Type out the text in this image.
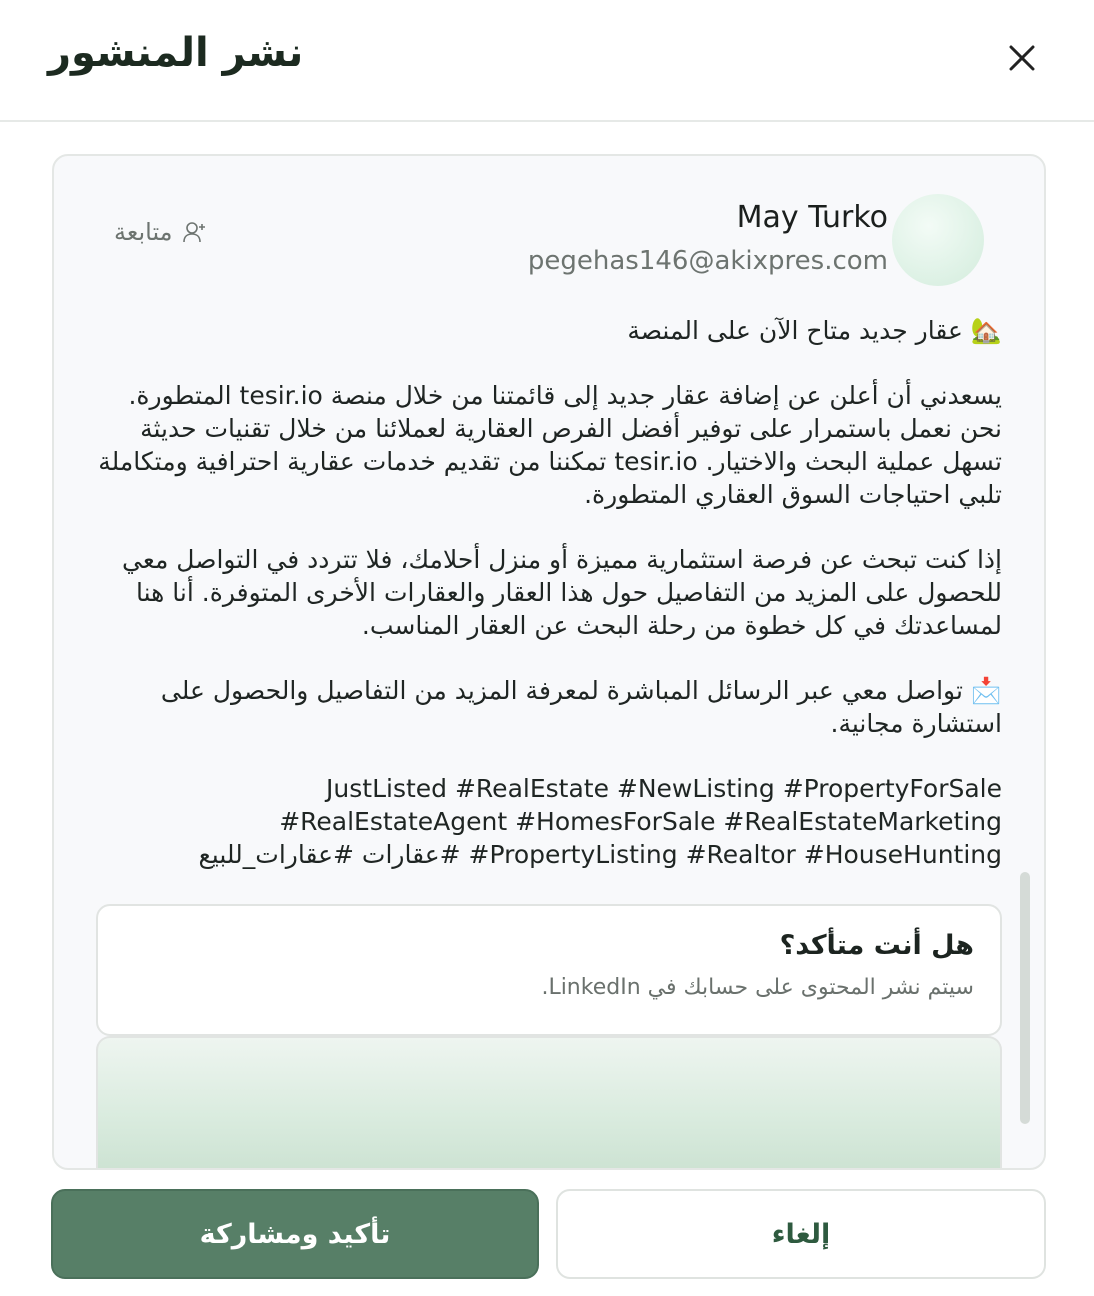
نشر المنشور
May Turko
pegehas146@akixpres.com
متابعة

🏡 عقار جديد متاح الآن على المنصة

يسعدني أن أعلن عن إضافة عقار جديد إلى قائمتنا من خلال منصة tesir.io المتطورة. نحن نعمل باستمرار على توفير أفضل الفرص العقارية لعملائنا من خلال تقنيات حديثة تسهل عملية البحث والاختيار. tesir.io تمكننا من تقديم خدمات عقارية احترافية ومتكاملة تلبي احتياجات السوق العقاري المتطورة.

إذا كنت تبحث عن فرصة استثمارية مميزة أو منزل أحلامك، فلا تتردد في التواصل معي للحصول على المزيد من التفاصيل حول هذا العقار والعقارات الأخرى المتوفرة. أنا هنا لمساعدتك في كل خطوة من رحلة البحث عن العقار المناسب.

📩 تواصل معي عبر الرسائل المباشرة لمعرفة المزيد من التفاصيل والحصول على استشارة مجانية.

JustListed #RealEstate #NewListing #PropertyForSale #RealEstateAgent #HomesForSale #RealEstateMarketing #PropertyListing #Realtor #HouseHunting #عقارات #عقارات_للبيع

هل أنت متأكد؟
سيتم نشر المحتوى على حسابك في LinkedIn.
تأكيد ومشاركة	إلغاء
